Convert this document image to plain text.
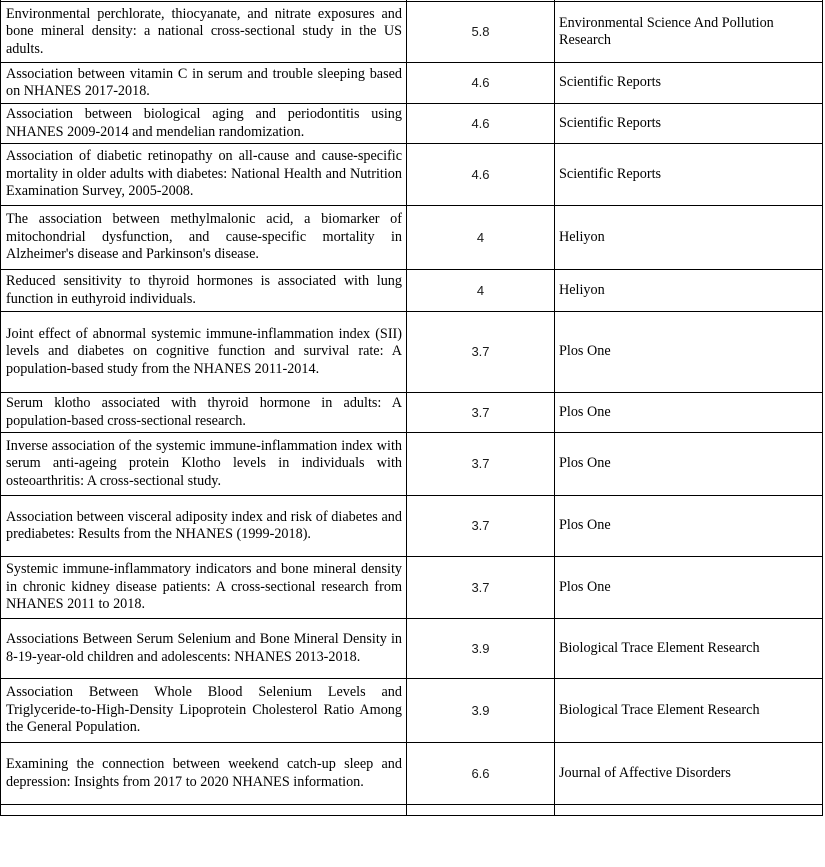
Environmental perchlorate, thiocyanate, and nitrate exposures and bone mineral density: a national cross-sectional study in the US adults.	5.8	Environmental Science And Pollution Research
Association between vitamin C in serum and trouble sleeping based on NHANES 2017-2018.	4.6	Scientific Reports
Association between biological aging and periodontitis using NHANES 2009-2014 and mendelian randomization.	4.6	Scientific Reports
Association of diabetic retinopathy on all-cause and cause-specific mortality in older adults with diabetes: National Health and Nutrition Examination Survey, 2005-2008.	4.6	Scientific Reports
The association between methylmalonic acid, a biomarker of mitochondrial dysfunction, and cause-specific mortality in Alzheimer's disease and Parkinson's disease.	4	Heliyon
Reduced sensitivity to thyroid hormones is associated with lung function in euthyroid individuals.	4	Heliyon
Joint effect of abnormal systemic immune-inflammation index (SII) levels and diabetes on cognitive function and survival rate: A population-based study from the NHANES 2011-2014.	3.7	Plos One
Serum klotho associated with thyroid hormone in adults: A population-based cross-sectional research.	3.7	Plos One
Inverse association of the systemic immune-inflammation index with serum anti-ageing protein Klotho levels in individuals with osteoarthritis: A cross-sectional study.	3.7	Plos One
Association between visceral adiposity index and risk of diabetes and prediabetes: Results from the NHANES (1999-2018).	3.7	Plos One
Systemic immune-inflammatory indicators and bone mineral density in chronic kidney disease patients: A cross-sectional research from NHANES 2011 to 2018.	3.7	Plos One
Associations Between Serum Selenium and Bone Mineral Density in 8-19-year-old children and adolescents: NHANES 2013-2018.	3.9	Biological Trace Element Research
Association Between Whole Blood Selenium Levels and Triglyceride-to-High-Density Lipoprotein Cholesterol Ratio Among the General Population.	3.9	Biological Trace Element Research
Examining the connection between weekend catch-up sleep and depression: Insights from 2017 to 2020 NHANES information.	6.6	Journal of Affective Disorders
